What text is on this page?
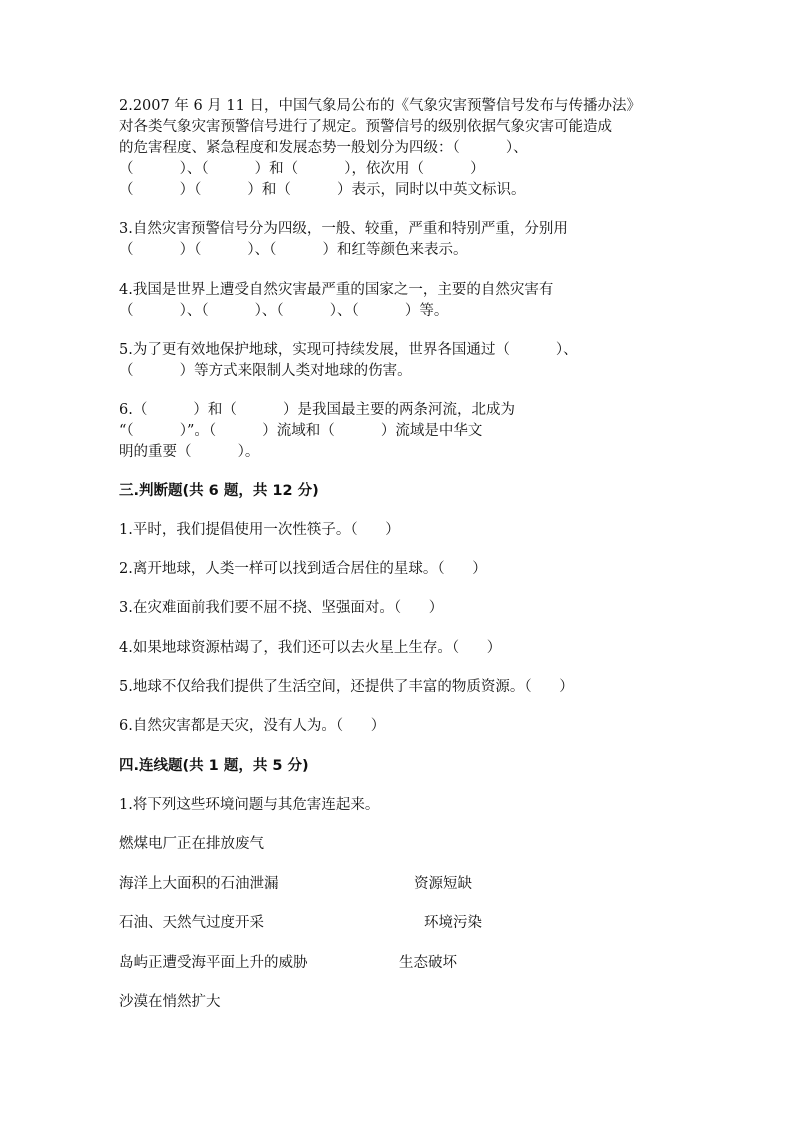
2.2007 年 6 月 11 日，中国气象局公布的《气象灾害预警信号发布与传播办法》
对各类气象灾害预警信号进行了规定。预警信号的级别依据气象灾害可能造成
的危害程度、紧急程度和发展态势一般划分为四级：（          ）、
（          ）、（          ）和（          ），依次用（          ）
（          ）（          ）和（          ）表示，同时以中英文标识。
3.自然灾害预警信号分为四级，一般、较重，严重和特别严重，分别用
（          ）（          ）、（          ）和红等颜色来表示。
4.我国是世界上遭受自然灾害最严重的国家之一，主要的自然灾害有
（          ）、（          ）、（          ）、（          ）等。
5.为了更有效地保护地球，实现可持续发展，世界各国通过（          ）、
（          ）等方式来限制人类对地球的伤害。
6.（          ）和（          ）是我国最主要的两条河流，北成为
“（          ）”。（          ）流域和（          ）流域是中华文
明的重要（          ）。
三.判断题(共 6 题，共 12 分)
1.平时，我们提倡使用一次性筷子。（      ）
2.离开地球，人类一样可以找到适合居住的星球。（      ）
3.在灾难面前我们要不屈不挠、坚强面对。（      ）
4.如果地球资源枯竭了，我们还可以去火星上生存。（      ）
5.地球不仅给我们提供了生活空间，还提供了丰富的物质资源。（      ）
6.自然灾害都是天灾，没有人为。（      ）
四.连线题(共 1 题，共 5 分)
1.将下列这些环境问题与其危害连起来。
燃煤电厂正在排放废气
海洋上大面积的石油泄漏
石油、天然气过度开采
岛屿正遭受海平面上升的威胁
沙漠在悄然扩大
资源短缺
环境污染
生态破坏
